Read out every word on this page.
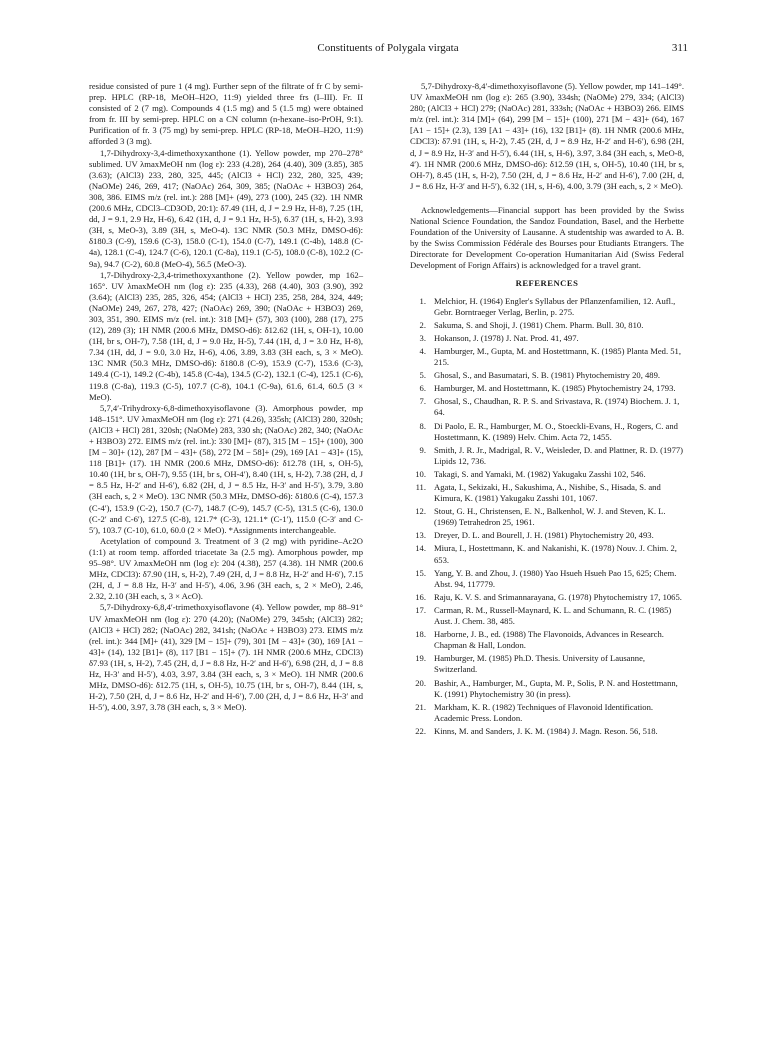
Constituents of Polygala virgata	311

residue consisted of pure 1 (4 mg). Further sepn of the filtrate of fr C by semi-prep. HPLC (RP-18, MeOH–H2O, 11:9) yielded three frs (I–III). Fr. II consisted of 2 (7 mg). Compounds 4 (1.5 mg) and 5 (1.5 mg) were obtained from fr. III by semi-prep. HPLC on a CN column (n-hexane–iso-PrOH, 9:1). Purification of fr. 3 (75 mg) by semi-prep. HPLC (RP-18, MeOH–H2O, 11:9) afforded 3 (3 mg).

1,7-Dihydroxy-3,4-dimethoxyxanthone (1). Yellow powder, mp 270–278° sublimed. UV λmaxMeOH nm (log ε): 233 (4.28), 264 (4.40), 309 (3.85), 385 (3.63); (AlCl3) 233, 280, 325, 445; (AlCl3 + HCl) 232, 280, 325, 439; (NaOMe) 246, 269, 417; (NaOAc) 264, 309, 385; (NaOAc + H3BO3) 264, 308, 386. EIMS m/z (rel. int.): 288 [M]+ (49), 273 (100), 245 (32). 1H NMR (200.6 MHz, CDCl3–CD3OD, 20:1): δ7.49 (1H, d, J = 2.9 Hz, H-8), 7.25 (1H, dd, J = 9.1, 2.9 Hz, H-6), 6.42 (1H, d, J = 9.1 Hz, H-5), 6.37 (1H, s, H-2), 3.93 (3H, s, MeO-3), 3.89 (3H, s, MeO-4). 13C NMR (50.3 MHz, DMSO-d6): δ180.3 (C-9), 159.6 (C-3), 158.0 (C-1), 154.0 (C-7), 149.1 (C-4b), 148.8 (C-4a), 128.1 (C-4), 124.7 (C-6), 120.1 (C-8a), 119.1 (C-5), 108.0 (C-8), 102.2 (C-9a), 94.7 (C-2), 60.8 (MeO-4), 56.5 (MeO-3).

1,7-Dihydroxy-2,3,4-trimethoxyxanthone (2). Yellow powder, mp 162–165°. UV λmaxMeOH nm (log ε): 235 (4.33), 268 (4.40), 303 (3.90), 392 (3.64); (AlCl3) 235, 285, 326, 454; (AlCl3 + HCl) 235, 258, 284, 324, 449; (NaOMe) 249, 267, 278, 427; (NaOAc) 269, 390; (NaOAc + H3BO3) 269, 303, 351, 390. EIMS m/z (rel. int.): 318 [M]+ (57), 303 (100), 288 (17), 275 (12), 289 (3); 1H NMR (200.6 MHz, DMSO-d6): δ12.62 (1H, s, OH-1), 10.00 (1H, br s, OH-7), 7.58 (1H, d, J = 9.0 Hz, H-5), 7.44 (1H, d, J = 3.0 Hz, H-8), 7.34 (1H, dd, J = 9.0, 3.0 Hz, H-6), 4.06, 3.89, 3.83 (3H each, s, 3 × MeO). 13C NMR (50.3 MHz, DMSO-d6): δ180.8 (C-9), 153.9 (C-7), 153.6 (C-3), 149.4 (C-1), 149.2 (C-4b), 145.8 (C-4a), 134.5 (C-2), 132.1 (C-4), 125.1 (C-6), 119.8 (C-8a), 119.3 (C-5), 107.7 (C-8), 104.1 (C-9a), 61.6, 61.4, 60.5 (3 × MeO).

5,7,4′-Trihydroxy-6,8-dimethoxyisoflavone (3). Amorphous powder, mp 148–151°. UV λmaxMeOH nm (log ε): 271 (4.26), 335sh; (AlCl3) 280, 320sh; (AlCl3 + HCl) 281, 320sh; (NaOMe) 283, 330 sh; (NaOAc) 282, 340; (NaOAc + H3BO3) 272. EIMS m/z (rel. int.): 330 [M]+ (87), 315 [M − 15]+ (100), 300 [M − 30]+ (12), 287 [M − 43]+ (58), 272 [M − 58]+ (29), 169 [A1 − 43]+ (15), 118 [B1]+ (17). 1H NMR (200.6 MHz, DMSO-d6): δ12.78 (1H, s, OH-5), 10.40 (1H, br s, OH-7), 9.55 (1H, br s, OH-4′), 8.40 (1H, s, H-2), 7.38 (2H, d, J = 8.5 Hz, H-2′ and H-6′), 6.82 (2H, d, J = 8.5 Hz, H-3′ and H-5′), 3.79, 3.80 (3H each, s, 2 × MeO). 13C NMR (50.3 MHz, DMSO-d6): δ180.6 (C-4), 157.3 (C-4′), 153.9 (C-2), 150.7 (C-7), 148.7 (C-9), 145.7 (C-5), 131.5 (C-6), 130.0 (C-2′ and C-6′), 127.5 (C-8), 121.7* (C-3), 121.1* (C-1′), 115.0 (C-3′ and C-5′), 103.7 (C-10), 61.0, 60.0 (2 × MeO). *Assignments interchangeable.

Acetylation of compound 3. Treatment of 3 (2 mg) with pyridine–Ac2O (1:1) at room temp. afforded triacetate 3a (2.5 mg). Amorphous powder, mp 95–98°. UV λmaxMeOH nm (log ε): 204 (4.38), 257 (4.38). 1H NMR (200.6 MHz, CDCl3): δ7.90 (1H, s, H-2), 7.49 (2H, d, J = 8.8 Hz, H-2′ and H-6′), 7.15 (2H, d, J = 8.8 Hz, H-3′ and H-5′), 4.06, 3.96 (3H each, s, 2 × MeO), 2.46, 2.32, 2.10 (3H each, s, 3 × AcO).

5,7-Dihydroxy-6,8,4′-trimethoxyisoflavone (4). Yellow powder, mp 88–91° UV λmaxMeOH nm (log ε): 270 (4.20); (NaOMe) 279, 345sh; (AlCl3) 282; (AlCl3 + HCl) 282; (NaOAc) 282, 341sh; (NaOAc + H3BO3) 273. EIMS m/z (rel. int.): 344 [M]+ (41), 329 [M − 15]+ (79), 301 [M − 43]+ (30), 169 [A1 − 43]+ (14), 132 [B1]+ (8), 117 [B1 − 15]+ (7). 1H NMR (200.6 MHz, CDCl3) δ7.93 (1H, s, H-2), 7.45 (2H, d, J = 8.8 Hz, H-2′ and H-6′), 6.98 (2H, d, J = 8.8 Hz, H-3′ and H-5′), 4.03, 3.97, 3.84 (3H each, s, 3 × MeO). 1H NMR (200.6 MHz, DMSO-d6): δ12.75 (1H, s, OH-5), 10.75 (1H, br s, OH-7), 8.44 (1H, s, H-2), 7.50 (2H, d, J = 8.6 Hz, H-2′ and H-6′), 7.00 (2H, d, J = 8.6 Hz, H-3′ and H-5′), 4.00, 3.97, 3.78 (3H each, s, 3 × MeO).

5,7-Dihydroxy-8,4′-dimethoxyisoflavone (5). Yellow powder, mp 141–149°. UV λmaxMeOH nm (log ε): 265 (3.90), 334sh; (NaOMe) 279, 334; (AlCl3) 280; (AlCl3 + HCl) 279; (NaOAc) 281, 333sh; (NaOAc + H3BO3) 266. EIMS m/z (rel. int.): 314 [M]+ (64), 299 [M − 15]+ (100), 271 [M − 43]+ (64), 167 [A1 − 15]+ (2.3), 139 [A1 − 43]+ (16), 132 [B1]+ (8). 1H NMR (200.6 MHz, CDCl3): δ7.91 (1H, s, H-2), 7.45 (2H, d, J = 8.9 Hz, H-2′ and H-6′), 6.98 (2H, d, J = 8.9 Hz, H-3′ and H-5′), 6.44 (1H, s, H-6), 3.97, 3.84 (3H each, s, MeO-8, 4′). 1H NMR (200.6 MHz, DMSO-d6): δ12.59 (1H, s, OH-5), 10.40 (1H, br s, OH-7), 8.45 (1H, s, H-2), 7.50 (2H, d, J = 8.6 Hz, H-2′ and H-6′), 7.00 (2H, d, J = 8.6 Hz, H-3′ and H-5′), 6.32 (1H, s, H-6), 4.00, 3.79 (3H each, s, 2 × MeO).

Acknowledgements—Financial support has been provided by the Swiss National Science Foundation, the Sandoz Foundation, Basel, and the Herbette Foundation of the University of Lausanne. A studentship was awarded to A. B. by the Swiss Commission Fédérale des Bourses pour Etudiants Etrangers. The Directorate for Development Co-operation Humanitarian Aid (Swiss Federal Development of Forign Affairs) is acknowledged for a travel grant.

REFERENCES
1. Melchior, H. (1964) Engler's Syllabus der Pflanzenfamilien, 12. Aufl., Gebr. Borntraeger Verlag, Berlin, p. 275.
2. Sakuma, S. and Shoji, J. (1981) Chem. Pharm. Bull. 30, 810.
3. Hokanson, J. (1978) J. Nat. Prod. 41, 497.
4. Hamburger, M., Gupta, M. and Hostettmann, K. (1985) Planta Med. 51, 215.
5. Ghosal, S., and Basumatari, S. B. (1981) Phytochemistry 20, 489.
6. Hamburger, M. and Hostettmann, K. (1985) Phytochemistry 24, 1793.
7. Ghosal, S., Chaudhan, R. P. S. and Srivastava, R. (1974) Biochem. J. 1, 64.
8. Di Paolo, E. R., Hamburger, M. O., Stoeckli-Evans, H., Rogers, C. and Hostettmann, K. (1989) Helv. Chim. Acta 72, 1455.
9. Smith, J. R. Jr., Madrigal, R. V., Weisleder, D. and Plattner, R. D. (1977) Lipids 12, 736.
10. Takagi, S. and Yamaki, M. (1982) Yakugaku Zasshi 102, 546.
11. Agata, I., Sekizaki, H., Sakushima, A., Nishibe, S., Hisada, S. and Kimura, K. (1981) Yakugaku Zasshi 101, 1067.
12. Stout, G. H., Christensen, E. N., Balkenhol, W. J. and Steven, K. L. (1969) Tetrahedron 25, 1961.
13. Dreyer, D. L. and Bourell, J. H. (1981) Phytochemistry 20, 493.
14. Miura, I., Hostettmann, K. and Nakanishi, K. (1978) Nouv. J. Chim. 2, 653.
15. Yang, Y. B. and Zhou, J. (1980) Yao Hsueh Hsueh Pao 15, 625; Chem. Abst. 94, 117779.
16. Raju, K. V. S. and Srimannarayana, G. (1978) Phytochemistry 17, 1065.
17. Carman, R. M., Russell-Maynard, K. L. and Schumann, R. C. (1985) Aust. J. Chem. 38, 485.
18. Harborne, J. B., ed. (1988) The Flavonoids, Advances in Research. Chapman & Hall, London.
19. Hamburger, M. (1985) Ph.D. Thesis. University of Lausanne, Switzerland.
20. Bashir, A., Hamburger, M., Gupta, M. P., Solis, P. N. and Hostettmann, K. (1991) Phytochemistry 30 (in press).
21. Markham, K. R. (1982) Techniques of Flavonoid Identification. Academic Press. London.
22. Kinns, M. and Sanders, J. K. M. (1984) J. Magn. Reson. 56, 518.
